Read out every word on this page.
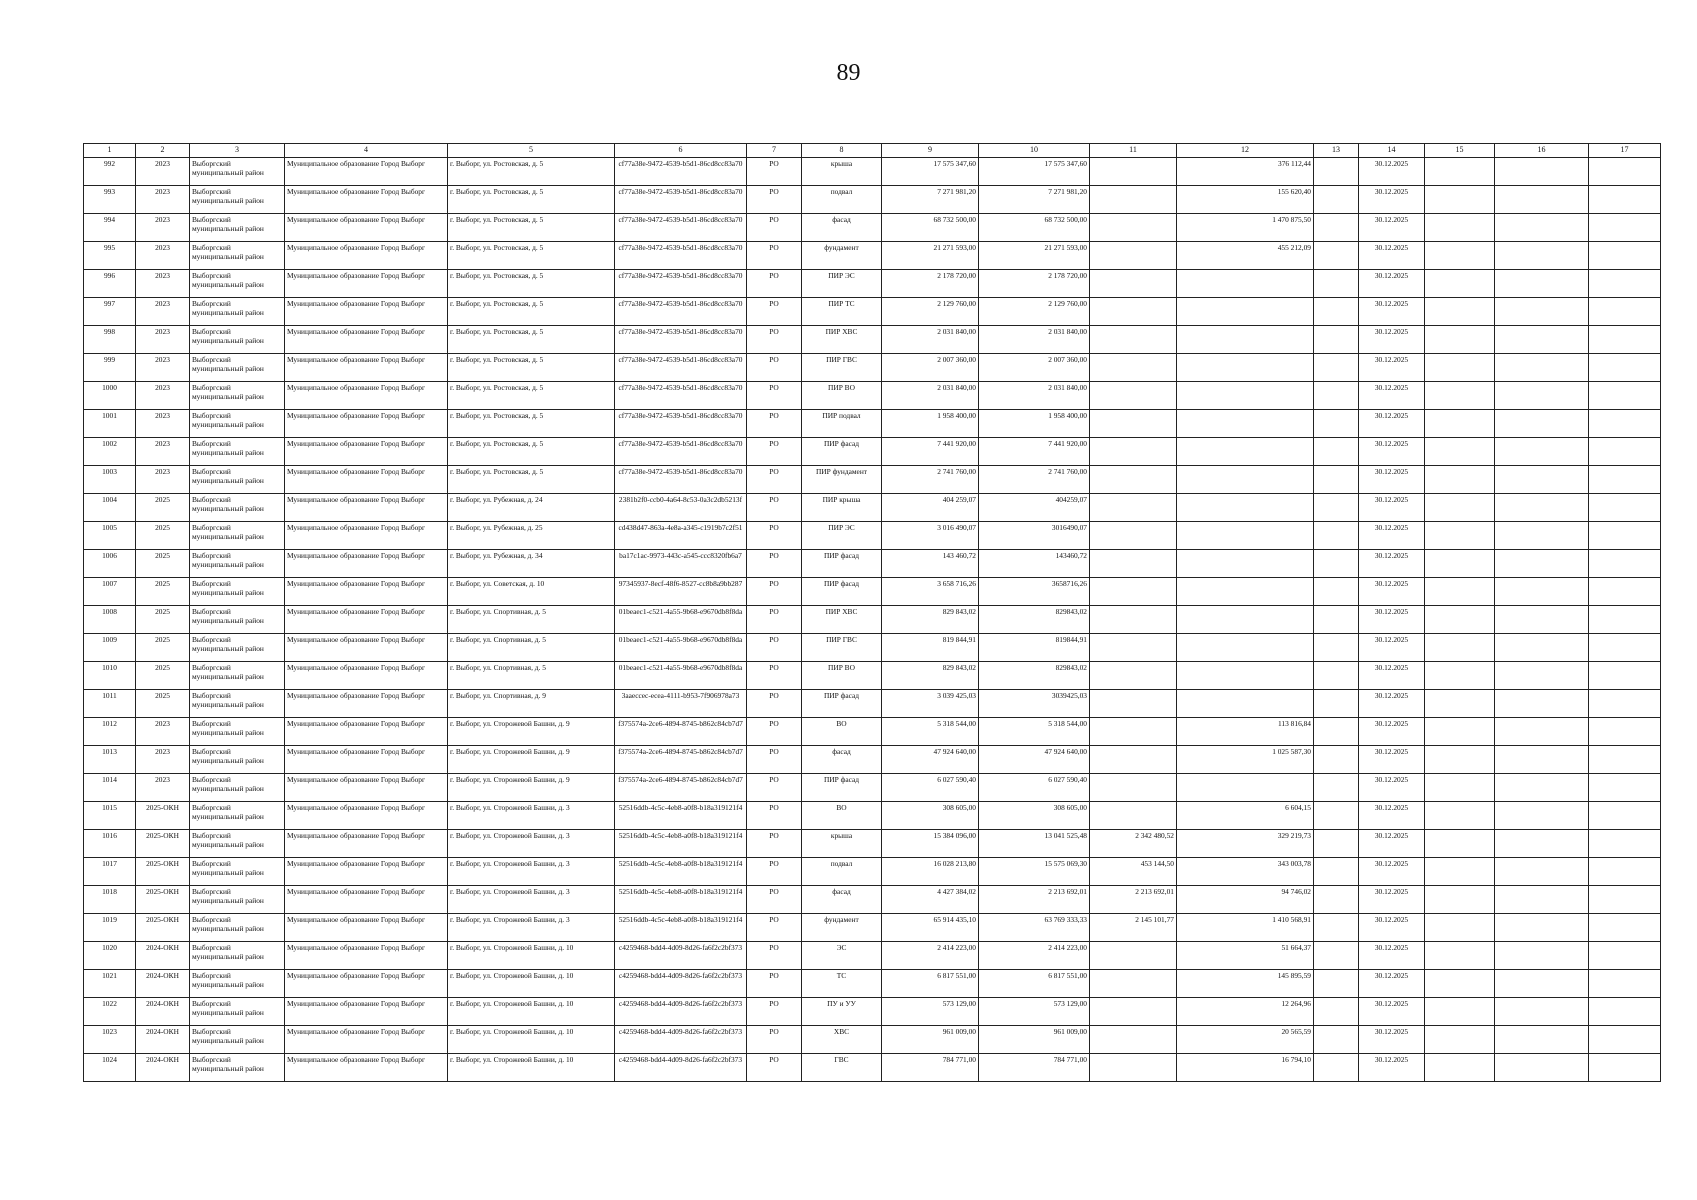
89
1	2	3	4	5	6	7	8	9	10	11	12	13	14	15	16	17
992	2023	Выборгский муниципальный район	Муниципальное образование Город Выборг	г. Выборг, ул. Ростовская, д. 5	cf77a38e-9472-4539-b5d1-86cd8cc83a70	РО	крыша	17 575 347,60	17 575 347,60		376 112,44		30.12.2025			
993	2023	Выборгский муниципальный район	Муниципальное образование Город Выборг	г. Выборг, ул. Ростовская, д. 5	cf77a38e-9472-4539-b5d1-86cd8cc83a70	РО	подвал	7 271 981,20	7 271 981,20		155 620,40		30.12.2025			
994	2023	Выборгский муниципальный район	Муниципальное образование Город Выборг	г. Выборг, ул. Ростовская, д. 5	cf77a38e-9472-4539-b5d1-86cd8cc83a70	РО	фасад	68 732 500,00	68 732 500,00		1 470 875,50		30.12.2025			
995	2023	Выборгский муниципальный район	Муниципальное образование Город Выборг	г. Выборг, ул. Ростовская, д. 5	cf77a38e-9472-4539-b5d1-86cd8cc83a70	РО	фундамент	21 271 593,00	21 271 593,00		455 212,09		30.12.2025			
996	2023	Выборгский муниципальный район	Муниципальное образование Город Выборг	г. Выборг, ул. Ростовская, д. 5	cf77a38e-9472-4539-b5d1-86cd8cc83a70	РО	ПИР ЭС	2 178 720,00	2 178 720,00				30.12.2025			
997	2023	Выборгский муниципальный район	Муниципальное образование Город Выборг	г. Выборг, ул. Ростовская, д. 5	cf77a38e-9472-4539-b5d1-86cd8cc83a70	РО	ПИР ТС	2 129 760,00	2 129 760,00				30.12.2025			
998	2023	Выборгский муниципальный район	Муниципальное образование Город Выборг	г. Выборг, ул. Ростовская, д. 5	cf77a38e-9472-4539-b5d1-86cd8cc83a70	РО	ПИР ХВС	2 031 840,00	2 031 840,00				30.12.2025			
999	2023	Выборгский муниципальный район	Муниципальное образование Город Выборг	г. Выборг, ул. Ростовская, д. 5	cf77a38e-9472-4539-b5d1-86cd8cc83a70	РО	ПИР ГВС	2 007 360,00	2 007 360,00				30.12.2025			
1000	2023	Выборгский муниципальный район	Муниципальное образование Город Выборг	г. Выборг, ул. Ростовская, д. 5	cf77a38e-9472-4539-b5d1-86cd8cc83a70	РО	ПИР ВО	2 031 840,00	2 031 840,00				30.12.2025			
1001	2023	Выборгский муниципальный район	Муниципальное образование Город Выборг	г. Выборг, ул. Ростовская, д. 5	cf77a38e-9472-4539-b5d1-86cd8cc83a70	РО	ПИР подвал	1 958 400,00	1 958 400,00				30.12.2025			
1002	2023	Выборгский муниципальный район	Муниципальное образование Город Выборг	г. Выборг, ул. Ростовская, д. 5	cf77a38e-9472-4539-b5d1-86cd8cc83a70	РО	ПИР фасад	7 441 920,00	7 441 920,00				30.12.2025			
1003	2023	Выборгский муниципальный район	Муниципальное образование Город Выборг	г. Выборг, ул. Ростовская, д. 5	cf77a38e-9472-4539-b5d1-86cd8cc83a70	РО	ПИР фундамент	2 741 760,00	2 741 760,00				30.12.2025			
1004	2025	Выборгский муниципальный район	Муниципальное образование Город Выборг	г. Выборг, ул. Рубежная, д. 24	2381b2f0-ccb0-4a64-8c53-0a3c2db5213f	РО	ПИР крыша	404 259,07	404259,07				30.12.2025			
1005	2025	Выборгский муниципальный район	Муниципальное образование Город Выборг	г. Выборг, ул. Рубежная, д. 25	cd438d47-863a-4e8a-a345-c1919b7c2f51	РО	ПИР ЭС	3 016 490,07	3016490,07				30.12.2025			
1006	2025	Выборгский муниципальный район	Муниципальное образование Город Выборг	г. Выборг, ул. Рубежная, д. 34	ba17c1ac-9973-443c-a545-ccc8320fb6a7	РО	ПИР фасад	143 460,72	143460,72				30.12.2025			
1007	2025	Выборгский муниципальный район	Муниципальное образование Город Выборг	г. Выборг, ул. Советская, д. 10	97345937-8ecf-48f6-8527-cc8b8a9bb287	РО	ПИР фасад	3 658 716,26	3658716,26				30.12.2025			
1008	2025	Выборгский муниципальный район	Муниципальное образование Город Выборг	г. Выборг, ул. Спортивная, д. 5	01beaec1-c521-4a55-9b68-e9670db8f8da	РО	ПИР ХВС	829 843,02	829843,02				30.12.2025			
1009	2025	Выборгский муниципальный район	Муниципальное образование Город Выборг	г. Выборг, ул. Спортивная, д. 5	01beaec1-c521-4a55-9b68-e9670db8f8da	РО	ПИР ГВС	819 844,91	819844,91				30.12.2025			
1010	2025	Выборгский муниципальный район	Муниципальное образование Город Выборг	г. Выборг, ул. Спортивная, д. 5	01beaec1-c521-4a55-9b68-e9670db8f8da	РО	ПИР ВО	829 843,02	829843,02				30.12.2025			
1011	2025	Выборгский муниципальный район	Муниципальное образование Город Выборг	г. Выборг, ул. Спортивная, д. 9	3aaeccec-ecea-4111-b953-7f906978a73	РО	ПИР фасад	3 039 425,03	3039425,03				30.12.2025			
1012	2023	Выборгский муниципальный район	Муниципальное образование Город Выборг	г. Выборг, ул. Сторожевой Башни, д. 9	f375574a-2ce6-4894-8745-b862c84cb7d7	РО	ВО	5 318 544,00	5 318 544,00		113 816,84		30.12.2025			
1013	2023	Выборгский муниципальный район	Муниципальное образование Город Выборг	г. Выборг, ул. Сторожевой Башни, д. 9	f375574a-2ce6-4894-8745-b862c84cb7d7	РО	фасад	47 924 640,00	47 924 640,00		1 025 587,30		30.12.2025			
1014	2023	Выборгский муниципальный район	Муниципальное образование Город Выборг	г. Выборг, ул. Сторожевой Башни, д. 9	f375574a-2ce6-4894-8745-b862c84cb7d7	РО	ПИР фасад	6 027 590,40	6 027 590,40				30.12.2025			
1015	2025-ОКН	Выборгский муниципальный район	Муниципальное образование Город Выборг	г. Выборг, ул. Сторожевой Башни, д. 3	52516ddb-4c5c-4eb8-a0f8-b18a319121f4	РО	ВО	308 605,00	308 605,00		6 604,15		30.12.2025			
1016	2025-ОКН	Выборгский муниципальный район	Муниципальное образование Город Выборг	г. Выборг, ул. Сторожевой Башни, д. 3	52516ddb-4c5c-4eb8-a0f8-b18a319121f4	РО	крыша	15 384 096,00	13 041 525,48	2 342 480,52	329 219,73		30.12.2025			
1017	2025-ОКН	Выборгский муниципальный район	Муниципальное образование Город Выборг	г. Выборг, ул. Сторожевой Башни, д. 3	52516ddb-4c5c-4eb8-a0f8-b18a319121f4	РО	подвал	16 028 213,80	15 575 069,30	453 144,50	343 003,78		30.12.2025			
1018	2025-ОКН	Выборгский муниципальный район	Муниципальное образование Город Выборг	г. Выборг, ул. Сторожевой Башни, д. 3	52516ddb-4c5c-4eb8-a0f8-b18a319121f4	РО	фасад	4 427 384,02	2 213 692,01	2 213 692,01	94 746,02		30.12.2025			
1019	2025-ОКН	Выборгский муниципальный район	Муниципальное образование Город Выборг	г. Выборг, ул. Сторожевой Башни, д. 3	52516ddb-4c5c-4eb8-a0f8-b18a319121f4	РО	фундамент	65 914 435,10	63 769 333,33	2 145 101,77	1 410 568,91		30.12.2025			
1020	2024-ОКН	Выборгский муниципальный район	Муниципальное образование Город Выборг	г. Выборг, ул. Сторожевой Башни, д. 10	c4259468-bdd4-4d09-8d26-fa6f2c2bf373	РО	ЭС	2 414 223,00	2 414 223,00		51 664,37		30.12.2025			
1021	2024-ОКН	Выборгский муниципальный район	Муниципальное образование Город Выборг	г. Выборг, ул. Сторожевой Башни, д. 10	c4259468-bdd4-4d09-8d26-fa6f2c2bf373	РО	ТС	6 817 551,00	6 817 551,00		145 895,59		30.12.2025			
1022	2024-ОКН	Выборгский муниципальный район	Муниципальное образование Город Выборг	г. Выборг, ул. Сторожевой Башни, д. 10	c4259468-bdd4-4d09-8d26-fa6f2c2bf373	РО	ПУ и УУ	573 129,00	573 129,00		12 264,96		30.12.2025			
1023	2024-ОКН	Выборгский муниципальный район	Муниципальное образование Город Выборг	г. Выборг, ул. Сторожевой Башни, д. 10	c4259468-bdd4-4d09-8d26-fa6f2c2bf373	РО	ХВС	961 009,00	961 009,00		20 565,59		30.12.2025			
1024	2024-ОКН	Выборгский муниципальный район	Муниципальное образование Город Выборг	г. Выборг, ул. Сторожевой Башни, д. 10	c4259468-bdd4-4d09-8d26-fa6f2c2bf373	РО	ГВС	784 771,00	784 771,00		16 794,10		30.12.2025			
